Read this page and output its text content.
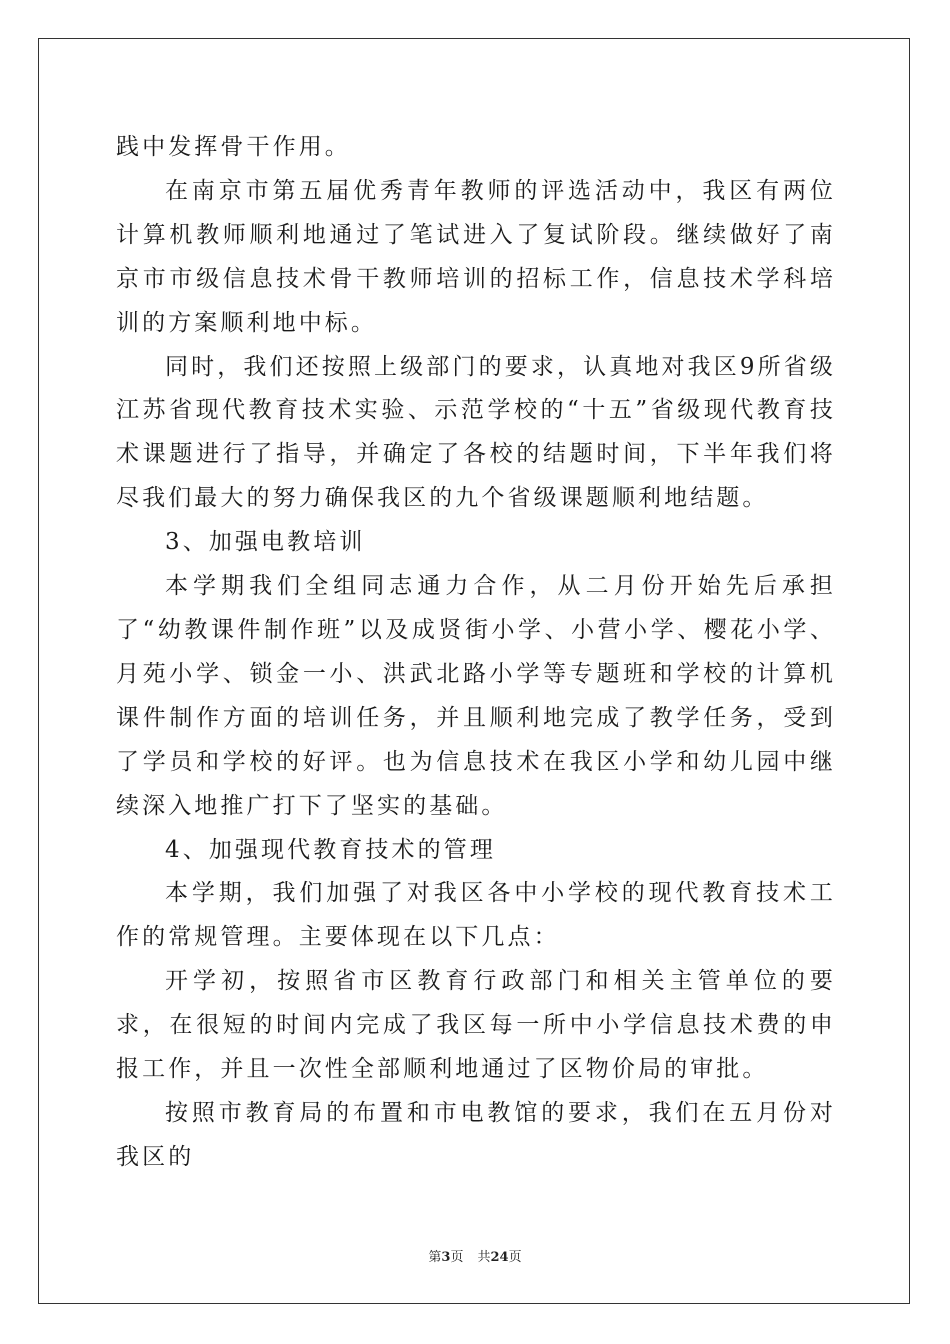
践中发挥骨干作用。

在南京市第五届优秀青年教师的评选活动中，我区有两位计算机教师顺利地通过了笔试进入了复试阶段。继续做好了南京市市级信息技术骨干教师培训的招标工作，信息技术学科培训的方案顺利地中标。

同时，我们还按照上级部门的要求，认真地对我区9所省级江苏省现代教育技术实验、示范学校的“十五”省级现代教育技术课题进行了指导，并确定了各校的结题时间，下半年我们将尽我们最大的努力确保我区的九个省级课题顺利地结题。

3、加强电教培训

本学期我们全组同志通力合作，从二月份开始先后承担了“幼教课件制作班”以及成贤街小学、小营小学、樱花小学、月苑小学、锁金一小、洪武北路小学等专题班和学校的计算机课件制作方面的培训任务，并且顺利地完成了教学任务，受到了学员和学校的好评。也为信息技术在我区小学和幼儿园中继续深入地推广打下了坚实的基础。

4、加强现代教育技术的管理

本学期，我们加强了对我区各中小学校的现代教育技术工作的常规管理。主要体现在以下几点：

开学初，按照省市区教育行政部门和相关主管单位的要求，在很短的时间内完成了我区每一所中小学信息技术费的申报工作，并且一次性全部顺利地通过了区物价局的审批。

按照市教育局的布置和市电教馆的要求，我们在五月份对我区的

第3页 共24页
